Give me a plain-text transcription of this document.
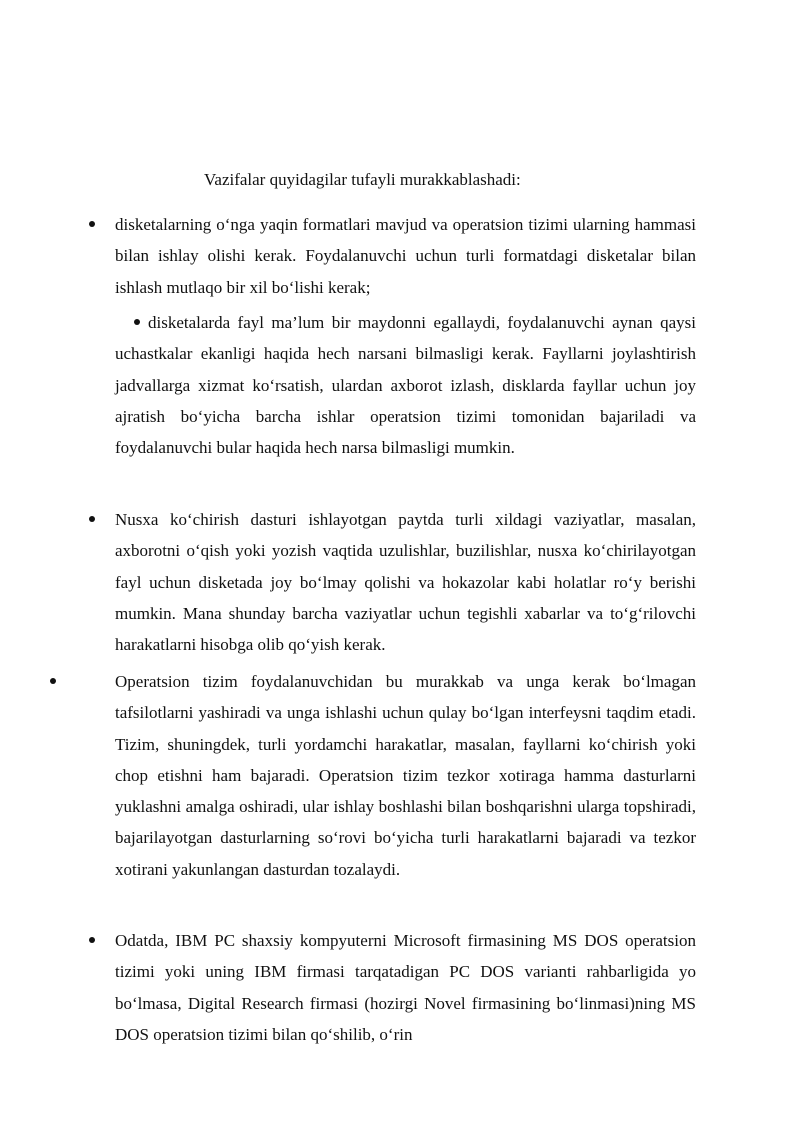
Vazifalar quyidagilar tufayli murakkablashadi:
disketalarning o‘nga yaqin formatlari mavjud va operatsion tizimi ularning hammasi bilan ishlay olishi kerak. Foydalanuvchi uchun turli formatdagi disketalar bilan ishlash mutlaqo bir xil bo‘lishi kerak;
disketalarda fayl ma’lum bir maydonni egallaydi, foydalanuvchi aynan qaysi uchastkalar ekanligi haqida hech narsani bilmasligi kerak. Fayllarni joylashtirish jadvallarga xizmat ko‘rsatish, ulardan axborot izlash, disklarda fayllar uchun joy ajratish bo‘yicha barcha ishlar operatsion tizimi tomonidan bajariladi va foydalanuvchi bular haqida hech narsa bilmasligi mumkin.
Nusxa ko‘chirish dasturi ishlayotgan paytda turli xildagi vaziyatlar, masalan, axborotni o‘qish yoki yozish vaqtida uzulishlar, buzilishlar, nusxa ko‘chirilayotgan fayl uchun disketada joy bo‘lmay qolishi va hokazolar kabi holatlar ro‘y berishi mumkin. Mana shunday barcha vaziyatlar uchun tegishli xabarlar va to‘g‘rilovchi harakatlarni hisobga olib qo‘yish kerak.
Operatsion tizim foydalanuvchidan bu murakkab va unga kerak bo‘lmagan tafsilotlarni yashiradi va unga ishlashi uchun qulay bo‘lgan interfeysni taqdim etadi. Tizim, shuningdek, turli yordamchi harakatlar, masalan, fayllarni ko‘chirish yoki chop etishni ham bajaradi. Operatsion tizim tezkor xotiraga hamma dasturlarni yuklashni amalga oshiradi, ular ishlay boshlashi bilan boshqarishni ularga topshiradi, bajarilayotgan dasturlarning so‘rovi bo‘yicha turli harakatlarni bajaradi va tezkor xotirani yakunlangan dasturdan tozalaydi.
Odatda, IBM PC shaxsiy kompyuterni Microsoft firmasining MS DOS operatsion tizimi yoki uning IBM firmasi tarqatadigan PC DOS varianti rahbarligida yo bo‘lmasa, Digital Research firmasi (hozirgi Novel firmasining bo‘linmasi)ning MS DOS operatsion tizimi bilan qo‘shilib, o‘rin
